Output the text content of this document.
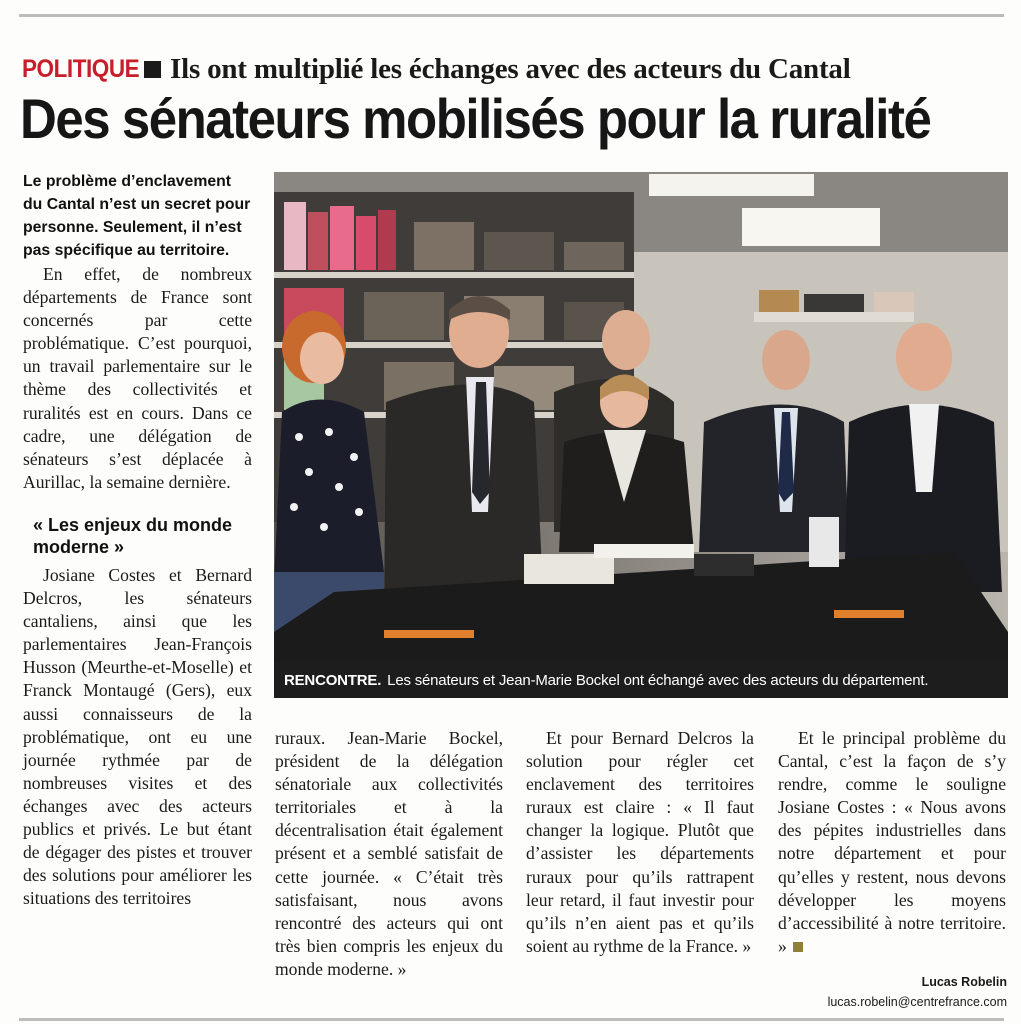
POLITIQUE Ils ont multiplié les échanges avec des acteurs du Cantal
Des sénateurs mobilisés pour la ruralité
Le problème d’enclavement du Cantal n’est un secret pour personne. Seulement, il n’est pas spécifique au territoire.

En effet, de nombreux départements de France sont concernés par cette problématique. C’est pourquoi, un travail parlementaire sur le thème des collectivités et ruralités est en cours. Dans ce cadre, une délégation de sénateurs s’est déplacée à Aurillac, la semaine dernière.

« Les enjeux du monde moderne »

Josiane Costes et Bernard Delcros, les sénateurs cantaliens, ainsi que les parlementaires Jean-François Husson (Meurthe-et-Moselle) et Franck Montaugé (Gers), eux aussi connaisseurs de la problématique, ont eu une journée rythmée par de nombreuses visites et des échanges avec des acteurs publics et privés. Le but étant de dégager des pistes et trouver des solutions pour améliorer les situations des territoires

RENCONTRE. Les sénateurs et Jean-Marie Bockel ont échangé avec des acteurs du département.

ruraux. Jean-Marie Bockel, président de la délégation sénatoriale aux collectivités territoriales et à la décentralisation était également présent et a semblé satisfait de cette journée. « C’était très satisfaisant, nous avons rencontré des acteurs qui ont très bien compris les enjeux du monde moderne. »

Et pour Bernard Delcros la solution pour régler cet enclavement des territoires ruraux est claire : « Il faut changer la logique. Plutôt que d’assister les départements ruraux pour qu’ils rattrapent leur retard, il faut investir pour qu’ils n’en aient pas et qu’ils soient au rythme de la France. »

Et le principal problème du Cantal, c’est la façon de s’y rendre, comme le souligne Josiane Costes : « Nous avons des pépites industrielles dans notre département et pour qu’elles y restent, nous devons développer les moyens d’accessibilité à notre territoire. »

Lucas Robelin
lucas.robelin@centrefrance.com
